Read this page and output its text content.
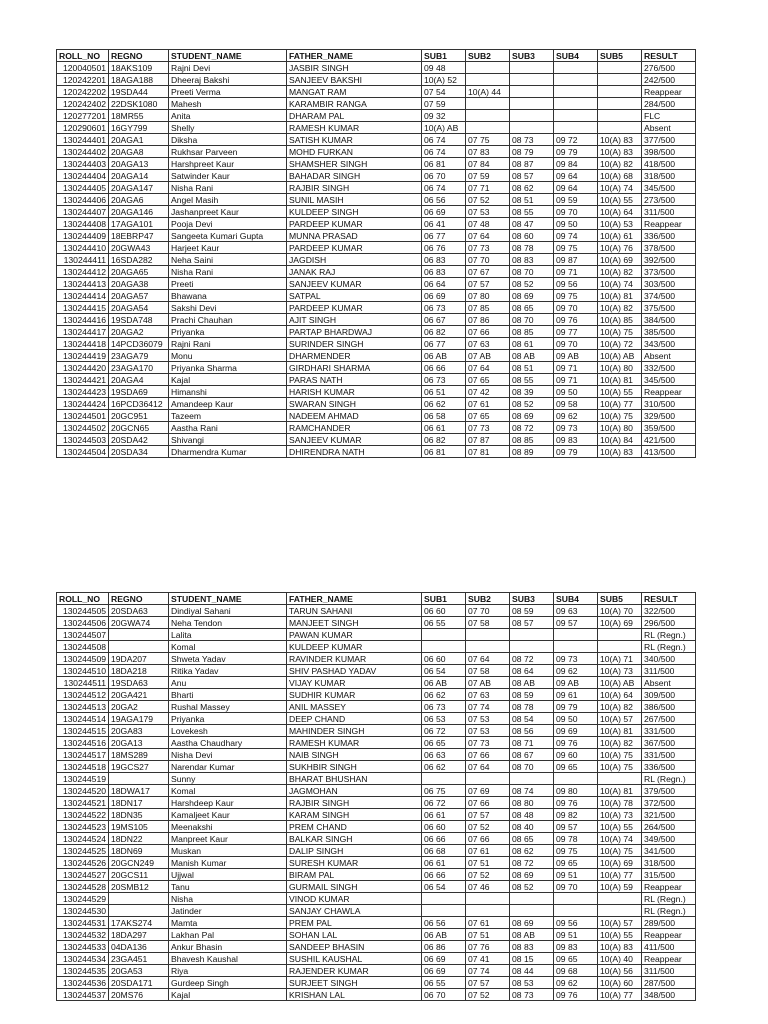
ROLL_NO	REGNO	STUDENT_NAME	FATHER_NAME	SUB1	SUB2	SUB3	SUB4	SUB5	RESULT
120040501	18AKS109	Rajni Devi	JASBIR SINGH	09 48					276/500
120242201	18AGA188	Dheeraj Bakshi	SANJEEV BAKSHI	10(A) 52					242/500
120242202	19SDA44	Preeti Verma	MANGAT RAM	07 54	10(A) 44				Reappear
120242402	22DSK1080	Mahesh	KARAMBIR RANGA	07 59					284/500
120277201	18MR55	Anita	DHARAM PAL	09 32					FLC
120290601	16GY799	Shelly	RAMESH KUMAR	10(A) AB					Absent
130244401	20AGA1	Diksha	SATISH KUMAR	06 74	07 75	08 73	09 72	10(A) 83	377/500
130244402	20AGA8	Rukhsar Parveen	MOHD FURKAN	06 74	07 83	08 79	09 79	10(A) 83	398/500
130244403	20AGA13	Harshpreet Kaur	SHAMSHER SINGH	06 81	07 84	08 87	09 84	10(A) 82	418/500
130244404	20AGA14	Satwinder Kaur	BAHADAR SINGH	06 70	07 59	08 57	09 64	10(A) 68	318/500
130244405	20AGA147	Nisha Rani	RAJBIR SINGH	06 74	07 71	08 62	09 64	10(A) 74	345/500
130244406	20AGA6	Angel Masih	SUNIL MASIH	06 56	07 52	08 51	09 59	10(A) 55	273/500
130244407	20AGA146	Jashanpreet Kaur	KULDEEP SINGH	06 69	07 53	08 55	09 70	10(A) 64	311/500
130244408	17AGA101	Pooja Devi	PARDEEP KUMAR	06 41	07 48	08 47	09 50	10(A) 53	Reappear
130244409	18EBRP47	Sangeeta Kumari Gupta	MUNNA PRASAD	06 77	07 64	08 60	09 74	10(A) 61	336/500
130244410	20GWA43	Harjeet Kaur	PARDEEP KUMAR	06 76	07 73	08 78	09 75	10(A) 76	378/500
130244411	16SDA282	Neha Saini	JAGDISH	06 83	07 70	08 83	09 87	10(A) 69	392/500
130244412	20AGA65	Nisha Rani	JANAK RAJ	06 83	07 67	08 70	09 71	10(A) 82	373/500
130244413	20AGA38	Preeti	SANJEEV KUMAR	06 64	07 57	08 52	09 56	10(A) 74	303/500
130244414	20AGA57	Bhawana	SATPAL	06 69	07 80	08 69	09 75	10(A) 81	374/500
130244415	20AGA54	Sakshi Devi	PARDEEP KUMAR	06 73	07 85	08 65	09 70	10(A) 82	375/500
130244416	19SDA748	Prachi Chauhan	AJIT SINGH	06 67	07 86	08 70	09 76	10(A) 85	384/500
130244417	20AGA2	Priyanka	PARTAP BHARDWAJ	06 82	07 66	08 85	09 77	10(A) 75	385/500
130244418	14PCD36079	Rajni Rani	SURINDER SINGH	06 77	07 63	08 61	09 70	10(A) 72	343/500
130244419	23AGA79	Monu	DHARMENDER	06 AB	07 AB	08 AB	09 AB	10(A) AB	Absent
130244420	23AGA170	Priyanka Sharma	GIRDHARI SHARMA	06 66	07 64	08 51	09 71	10(A) 80	332/500
130244421	20AGA4	Kajal	PARAS NATH	06 73	07 65	08 55	09 71	10(A) 81	345/500
130244423	19SDA69	Himanshi	HARISH KUMAR	06 51	07 42	08 39	09 50	10(A) 55	Reappear
130244424	16PCD36412	Amandeep Kaur	SWARAN SINGH	06 62	07 61	08 52	09 58	10(A) 77	310/500
130244501	20GC951	Tazeem	NADEEM AHMAD	06 58	07 65	08 69	09 62	10(A) 75	329/500
130244502	20GCN65	Aastha Rani	RAMCHANDER	06 61	07 73	08 72	09 73	10(A) 80	359/500
130244503	20SDA42	Shivangi	SANJEEV KUMAR	06 82	07 87	08 85	09 83	10(A) 84	421/500
130244504	20SDA34	Dharmendra Kumar	DHIRENDRA NATH	06 81	07 81	08 89	09 79	10(A) 83	413/500
ROLL_NO	REGNO	STUDENT_NAME	FATHER_NAME	SUB1	SUB2	SUB3	SUB4	SUB5	RESULT
130244505	20SDA63	Dindiyal Sahani	TARUN SAHANI	06 60	07 70	08 59	09 63	10(A) 70	322/500
130244506	20GWA74	Neha Tendon	MANJEET SINGH	06 55	07 58	08 57	09 57	10(A) 69	296/500
130244507		Lalita	PAWAN KUMAR						RL (Regn.)
130244508		Komal	KULDEEP KUMAR						RL (Regn.)
130244509	19DA207	Shweta Yadav	RAVINDER KUMAR	06 60	07 64	08 72	09 73	10(A) 71	340/500
130244510	18DA218	Ritika Yadav	SHIV PASHAD YADAV	06 54	07 58	08 64	09 62	10(A) 73	311/500
130244511	19SDA63	Anu	VIJAY KUMAR	06 AB	07 AB	08 AB	09 AB	10(A) AB	Absent
130244512	20GA421	Bharti	SUDHIR KUMAR	06 62	07 63	08 59	09 61	10(A) 64	309/500
130244513	20GA2	Rushal Massey	ANIL MASSEY	06 73	07 74	08 78	09 79	10(A) 82	386/500
130244514	19AGA179	Priyanka	DEEP CHAND	06 53	07 53	08 54	09 50	10(A) 57	267/500
130244515	20GA83	Lovekesh	MAHINDER SINGH	06 72	07 53	08 56	09 69	10(A) 81	331/500
130244516	20GA13	Aastha Chaudhary	RAMESH KUMAR	06 65	07 73	08 71	09 76	10(A) 82	367/500
130244517	18MS289	Nisha Devi	NAIB SINGH	06 63	07 66	08 67	09 60	10(A) 75	331/500
130244518	19GCS27	Narendar Kumar	SUKHBIR SINGH	06 62	07 64	08 70	09 65	10(A) 75	336/500
130244519		Sunny	BHARAT BHUSHAN						RL (Regn.)
130244520	18DWA17	Komal	JAGMOHAN	06 75	07 69	08 74	09 80	10(A) 81	379/500
130244521	18DN17	Harshdeep Kaur	RAJBIR SINGH	06 72	07 66	08 80	09 76	10(A) 78	372/500
130244522	18DN35	Kamaljeet Kaur	KARAM SINGH	06 61	07 57	08 48	09 82	10(A) 73	321/500
130244523	19MS105	Meenakshi	PREM CHAND	06 60	07 52	08 40	09 57	10(A) 55	264/500
130244524	18DN22	Manpreet Kaur	BALKAR SINGH	06 66	07 66	08 65	09 78	10(A) 74	349/500
130244525	18DN69	Muskan	DALIP SINGH	06 68	07 61	08 62	09 75	10(A) 75	341/500
130244526	20GCN249	Manish Kumar	SURESH KUMAR	06 61	07 51	08 72	09 65	10(A) 69	318/500
130244527	20GCS11	Ujjwal	BIRAM PAL	06 66	07 52	08 69	09 51	10(A) 77	315/500
130244528	20SMB12	Tanu	GURMAIL SINGH	06 54	07 46	08 52	09 70	10(A) 59	Reappear
130244529		Nisha	VINOD KUMAR						RL (Regn.)
130244530		Jatinder	SANJAY CHAWLA						RL (Regn.)
130244531	17AKS274	Mamta	PREM PAL	06 56	07 61	08 69	09 56	10(A) 57	289/500
130244532	18DA297	Lakhan Pal	SOHAN LAL	06 AB	07 51	08 AB	09 51	10(A) 55	Reappear
130244533	04DA136	Ankur Bhasin	SANDEEP BHASIN	06 86	07 76	08 83	09 83	10(A) 83	411/500
130244534	23GA451	Bhavesh Kaushal	SUSHIL KAUSHAL	06 69	07 41	08 15	09 65	10(A) 40	Reappear
130244535	20GA53	Riya	RAJENDER KUMAR	06 69	07 74	08 44	09 68	10(A) 56	311/500
130244536	20SDA171	Gurdeep Singh	SURJEET SINGH	06 55	07 57	08 53	09 62	10(A) 60	287/500
130244537	20MS76	Kajal	KRISHAN LAL	06 70	07 52	08 73	09 76	10(A) 77	348/500
